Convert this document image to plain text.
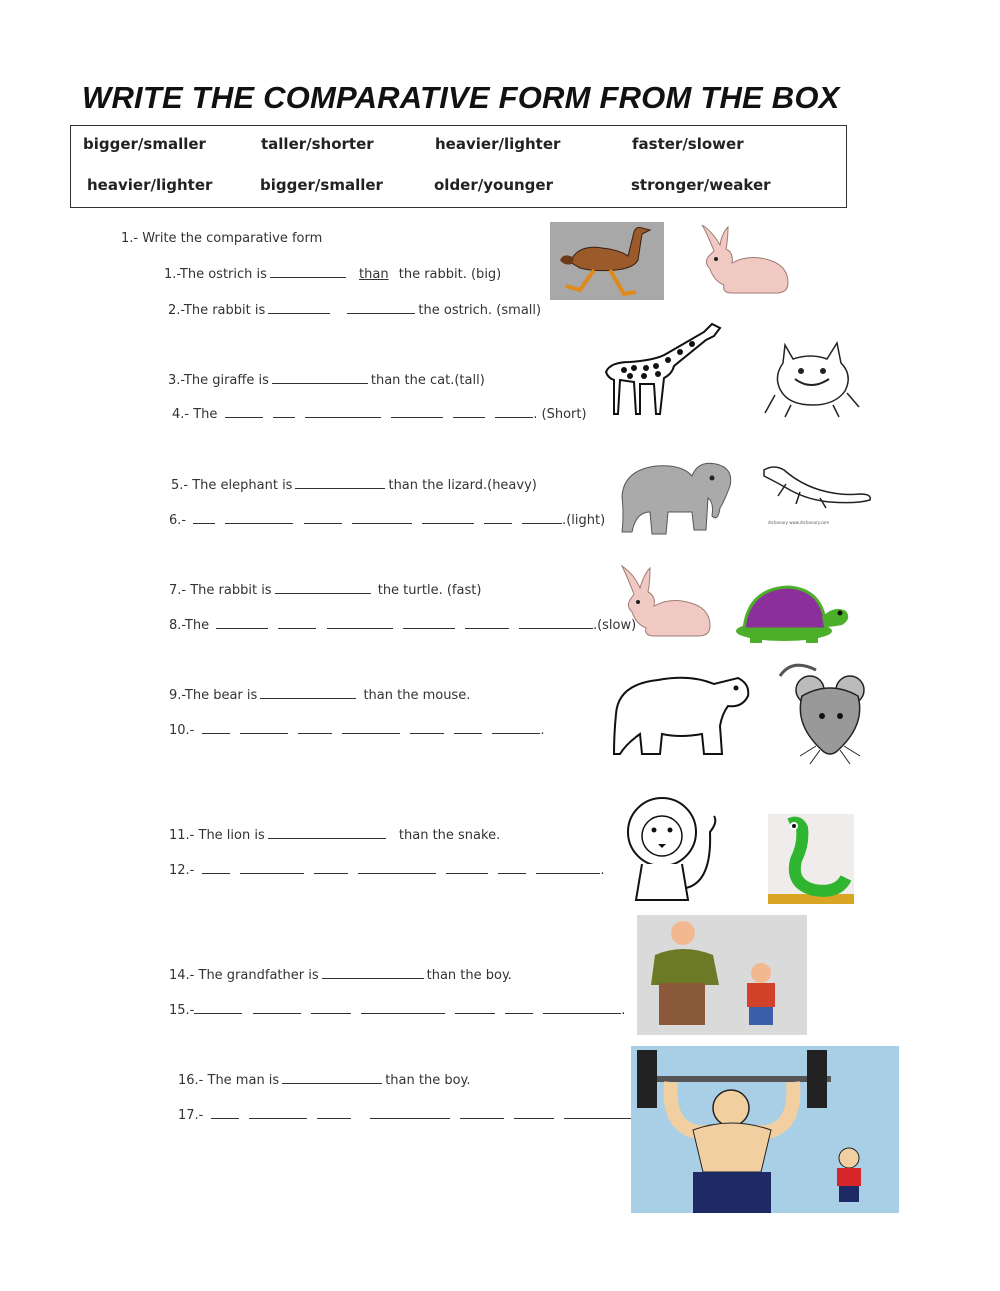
WRITE THE COMPARATIVE FORM FROM THE BOX
bigger/smaller	taller/shorter	heavier/lighter	faster/slower
heavier/lighter	bigger/smaller	older/younger	stronger/weaker
1.- Write the comparative form
1.-The ostrich is	than the rabbit. (big)
2.-The rabbit is	the ostrich. (small)
3.-The giraffe is	than the cat.(tall)
4.- The	. (Short)
5.- The elephant is	than the lizard.(heavy)
6.-	.(light)
7.- The rabbit is	the turtle. (fast)
8.-The	.(slow)
9.-The bear is	than the mouse.
10.-	.
11.- The lion is	than the snake.
12.-	.
14.- The grandfather is	than the boy.
15.-	.
16.- The man is	than the boy.
17.-
dictionary www.dictionary.com
